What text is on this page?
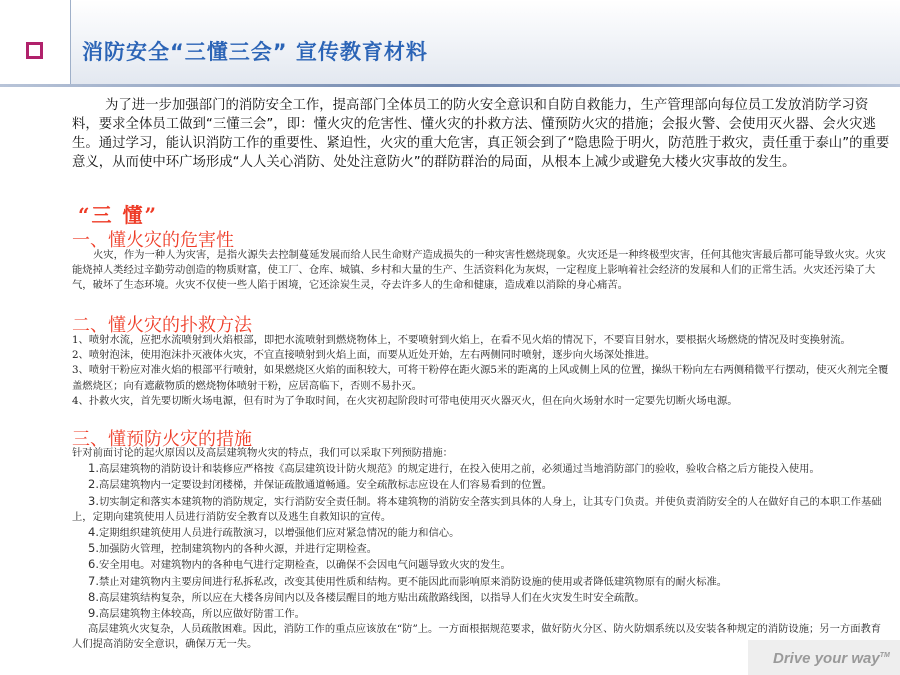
消防安全“三懂三会” 宣传教育材料
为了进一步加强部门的消防安全工作，提高部门全体员工的防火安全意识和自防自救能力，生产管理部向每位员工发放消防学习资料，要求全体员工做到“三懂三会”，即：懂火灾的危害性、懂火灾的扑救方法、懂预防火灾的措施；会报火警、会使用灭火器、会火灾逃生。通过学习，能认识消防工作的重要性、紧迫性，火灾的重大危害，真正领会到了“隐患险于明火，防范胜于救灾，责任重于泰山”的重要意义，从而使中环广场形成“人人关心消防、处处注意防火”的群防群治的局面，从根本上减少或避免大楼火灾事故的发生。
“三 懂”
一、懂火灾的危害性
火灾，作为一种人为灾害，是指火源失去控制蔓延发展而给人民生命财产造成损失的一种灾害性燃烧现象。火灾还是一种终极型灾害，任何其他灾害最后都可能导致火灾。火灾能烧掉人类经过辛勤劳动创造的物质财富，使工厂、仓库、城镇、乡村和大量的生产、生活资料化为灰烬，一定程度上影响着社会经济的发展和人们的正常生活。火灾还污染了大气，破坏了生态环境。火灾不仅使一些人陷于困境，它还涂炭生灵，夺去许多人的生命和健康，造成难以消除的身心痛苦。
二、懂火灾的扑救方法

1、喷射水流，应把水流喷射到火焰根部，即把水流喷射到燃烧物体上，不要喷射到火焰上，在看不见火焰的情况下，不要盲目射水，要根据火场燃烧的情况及时变换射流。

2、喷射泡沫，使用泡沫扑灭液体火灾，不宜直接喷射到火焰上面，而要从近处开始，左右两侧同时喷射，逐步向火场深处推进。

3、喷射干粉应对准火焰的根部平行喷射，如果燃烧区火焰的面积较大，可将干粉停在距火源5米的距离的上风或侧上风的位置，操纵干粉向左右两侧稍微平行摆动，使灭火剂完全覆盖燃烧区；向有遮蔽物质的燃烧物体喷射干粉，应居高临下，否则不易扑灭。

4、扑救火灾，首先要切断火场电源，但有时为了争取时间，在火灾初起阶段时可带电使用灭火器灭火，但在向火场射水时一定要先切断火场电源。

三、懂预防火灾的措施

针对前面讨论的起火原因以及高层建筑物火灾的特点，我们可以采取下列预防措施：

1.高层建筑物的消防设计和装修应严格按《高层建筑设计防火规范》的规定进行，在投入使用之前，必须通过当地消防部门的验收，验收合格之后方能投入使用。

2.高层建筑物内一定要设封闭楼梯，并保证疏散通道畅通。安全疏散标志应设在人们容易看到的位置。

3.切实制定和落实本建筑物的消防规定，实行消防安全责任制。将本建筑物的消防安全落实到具体的人身上，让其专门负责。并使负责消防安全的人在做好自己的本职工作基础上，定期向建筑使用人员进行消防安全教育以及逃生自救知识的宣传。

4.定期组织建筑使用人员进行疏散演习，以增强他们应对紧急情况的能力和信心。

5.加强防火管理，控制建筑物内的各种火源，并进行定期检查。

6.安全用电。对建筑物内的各种电气进行定期检查，以确保不会因电气问题导致火灾的发生。

7.禁止对建筑物内主要房间进行私拆私改，改变其使用性质和结构。更不能因此而影响原来消防设施的使用或者降低建筑物原有的耐火标准。

8.高层建筑结构复杂，所以应在大楼各房间内以及各楼层醒目的地方贴出疏散路线图，以指导人们在火灾发生时安全疏散。

9.高层建筑物主体较高，所以应做好防雷工作。

高层建筑火灾复杂，人员疏散困难。因此，消防工作的重点应该放在“防”上。一方面根据规范要求，做好防火分区、防火防烟系统以及安装各种规定的消防设施；另一方面教育人们提高消防安全意识，确保万无一失。

Drive your way™
